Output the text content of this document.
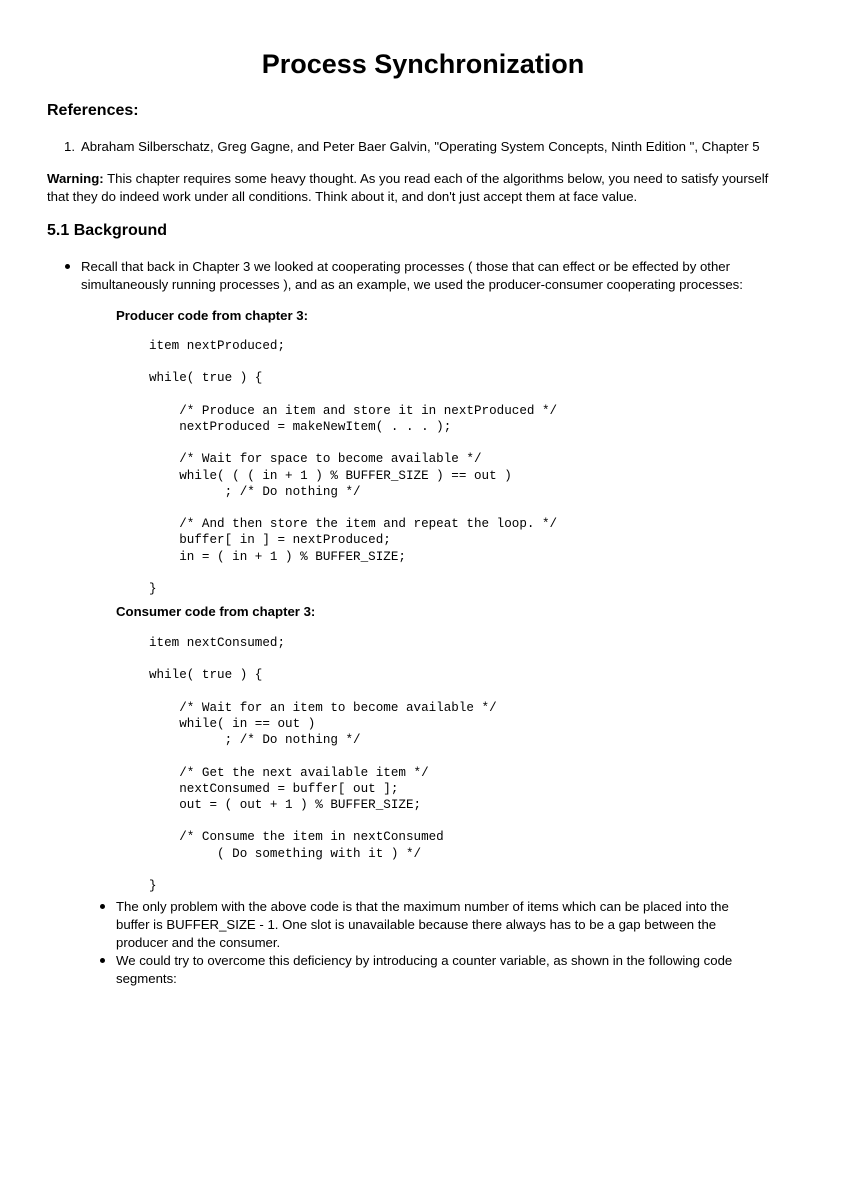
Process Synchronization
References:
1. Abraham Silberschatz, Greg Gagne, and Peter Baer Galvin, "Operating System Concepts, Ninth Edition ", Chapter 5

Warning: This chapter requires some heavy thought. As you read each of the algorithms below, you need to satisfy yourself

that they do indeed work under all conditions. Think about it, and don't just accept them at face value.

5.1 Background

Recall that back in Chapter 3 we looked at cooperating processes ( those that can effect or be effected by other

simultaneously running processes ), and as an example, we used the producer-consumer cooperating processes:

Producer code from chapter 3:

item nextProduced;

while( true ) {

/* Produce an item and store it in nextProduced */
nextProduced = makeNewItem( . . . );

/* Wait for space to become available */
while( ( ( in + 1 ) % BUFFER_SIZE ) == out )
; /* Do nothing */

/* And then store the item and repeat the loop. */
buffer[ in ] = nextProduced;
in = ( in + 1 ) % BUFFER_SIZE;

}

Consumer code from chapter 3:

item nextConsumed;

while( true ) {

/* Wait for an item to become available */
while( in == out )
; /* Do nothing */

/* Get the next available item */
nextConsumed = buffer[ out ];
out = ( out + 1 ) % BUFFER_SIZE;

/* Consume the item in nextConsumed
( Do something with it ) */

}

The only problem with the above code is that the maximum number of items which can be placed into the

buffer is BUFFER_SIZE - 1. One slot is unavailable because there always has to be a gap between the

producer and the consumer.

We could try to overcome this deficiency by introducing a counter variable, as shown in the following code

segments:
